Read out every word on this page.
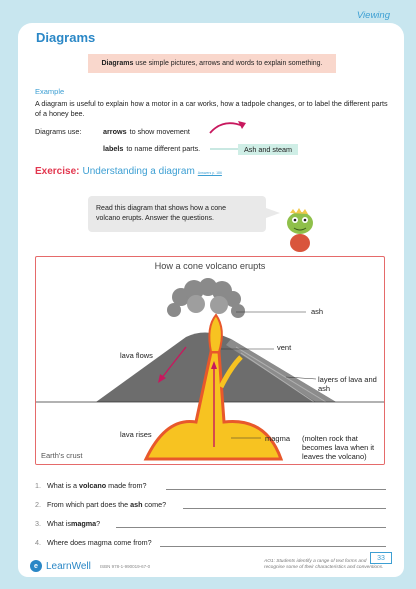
Viewing
Diagrams
Diagrams use simple pictures, arrows and words to explain something.
Example
A diagram is useful to explain how a motor in a car works, how a tadpole changes, or to label the different parts of a honey bee.
Diagrams use:	arrows to show movement
labels to name different parts.	Ash and steam
Exercise: Understanding a diagram Answers p. 186
Read this diagram that shows how a cone volcano erupts. Answer the questions.
How a cone volcano erupts
ash
vent
lava flows
layers of lava and ash
lava rises	magma (molten rock that
becomes lava when it
leaves the volcano)
Earth's crust
1. What is a
volcano
made from?
2. From which part does the
ash
come?
3. What is magma ?
4. Where does magma come from?
e LearnWell ISBN 978-1-990019-67-0
AO1: Students identify a range of text forms and recognise some of their characteristics and conventions.
33
